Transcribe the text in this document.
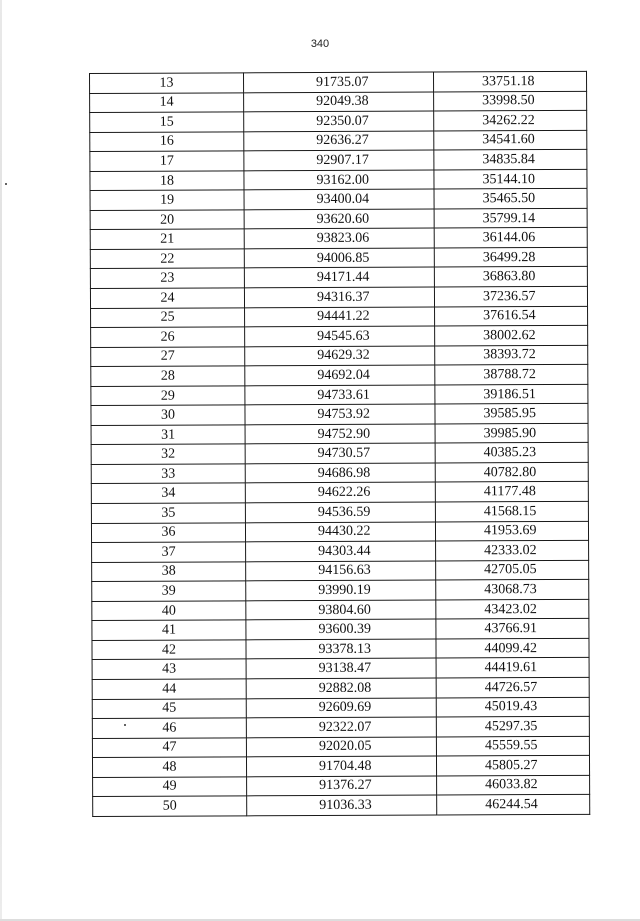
340
13	91735.07	33751.18
14	92049.38	33998.50
15	92350.07	34262.22
16	92636.27	34541.60
17	92907.17	34835.84
18	93162.00	35144.10
19	93400.04	35465.50
20	93620.60	35799.14
21	93823.06	36144.06
22	94006.85	36499.28
23	94171.44	36863.80
24	94316.37	37236.57
25	94441.22	37616.54
26	94545.63	38002.62
27	94629.32	38393.72
28	94692.04	38788.72
29	94733.61	39186.51
30	94753.92	39585.95
31	94752.90	39985.90
32	94730.57	40385.23
33	94686.98	40782.80
34	94622.26	41177.48
35	94536.59	41568.15
36	94430.22	41953.69
37	94303.44	42333.02
38	94156.63	42705.05
39	93990.19	43068.73
40	93804.60	43423.02
41	93600.39	43766.91
42	93378.13	44099.42
43	93138.47	44419.61
44	92882.08	44726.57
45	92609.69	45019.43
46	92322.07	45297.35
47	92020.05	45559.55
48	91704.48	45805.27
49	91376.27	46033.82
50	91036.33	46244.54
